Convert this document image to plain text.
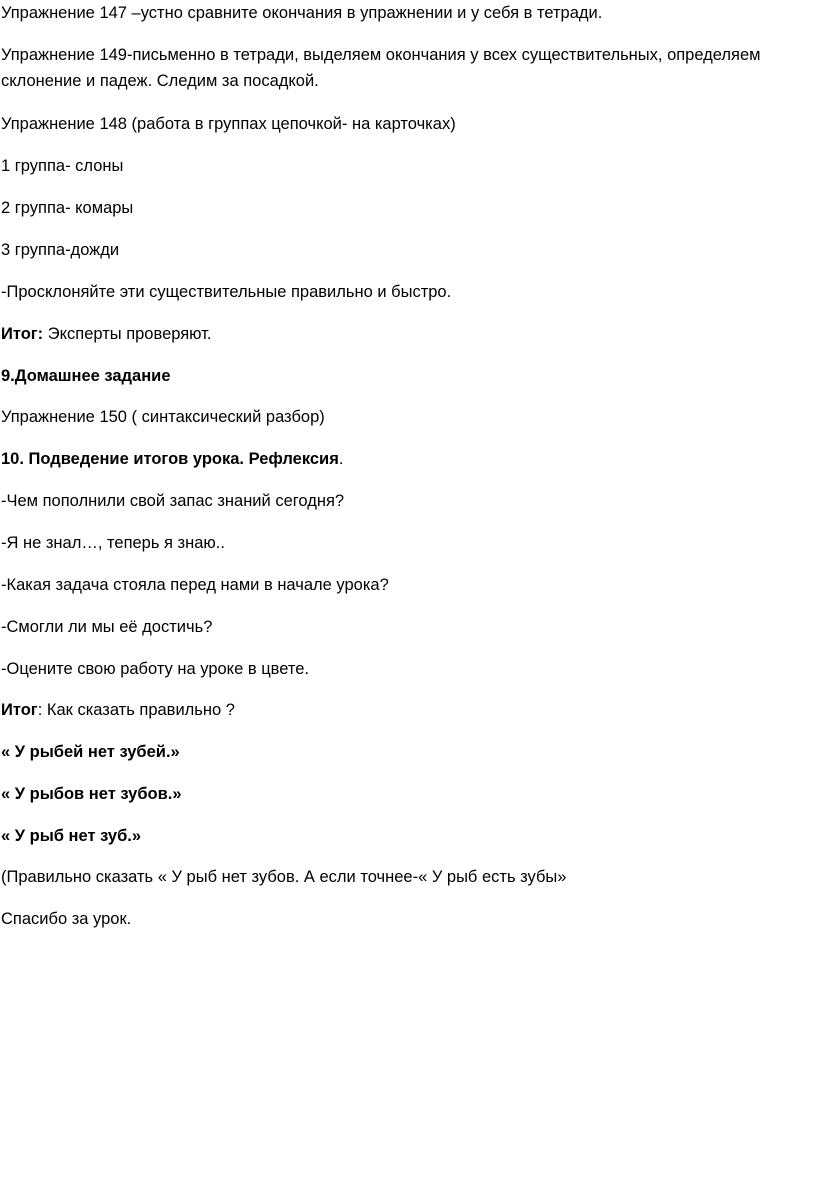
Упражнение 147 –устно сравните окончания в упражнении и у себя в тетради.
Упражнение 149-письменно в тетради, выделяем окончания у всех существительных, определяем
склонение и падеж. Следим за посадкой.
Упражнение 148 (работа в группах цепочкой- на карточках)
1 группа- слоны
2 группа- комары
3 группа-дожди
-Просклоняйте эти существительные правильно и быстро.
Итог: Эксперты проверяют.
9.Домашнее задание
Упражнение 150 ( синтаксический разбор)
10. Подведение итогов урока. Рефлексия.
-Чем пополнили свой запас знаний сегодня?
-Я не знал…, теперь я знаю..
-Какая задача стояла перед нами в начале урока?
-Смогли ли мы её достичь?
-Оцените свою работу на уроке в цвете.
Итог: Как сказать правильно ?
« У рыбей нет зубей.»
« У рыбов нет зубов.»
« У рыб нет зуб.»
(Правильно сказать « У рыб нет зубов. А если точнее-« У рыб есть зубы»
Спасибо за урок.
